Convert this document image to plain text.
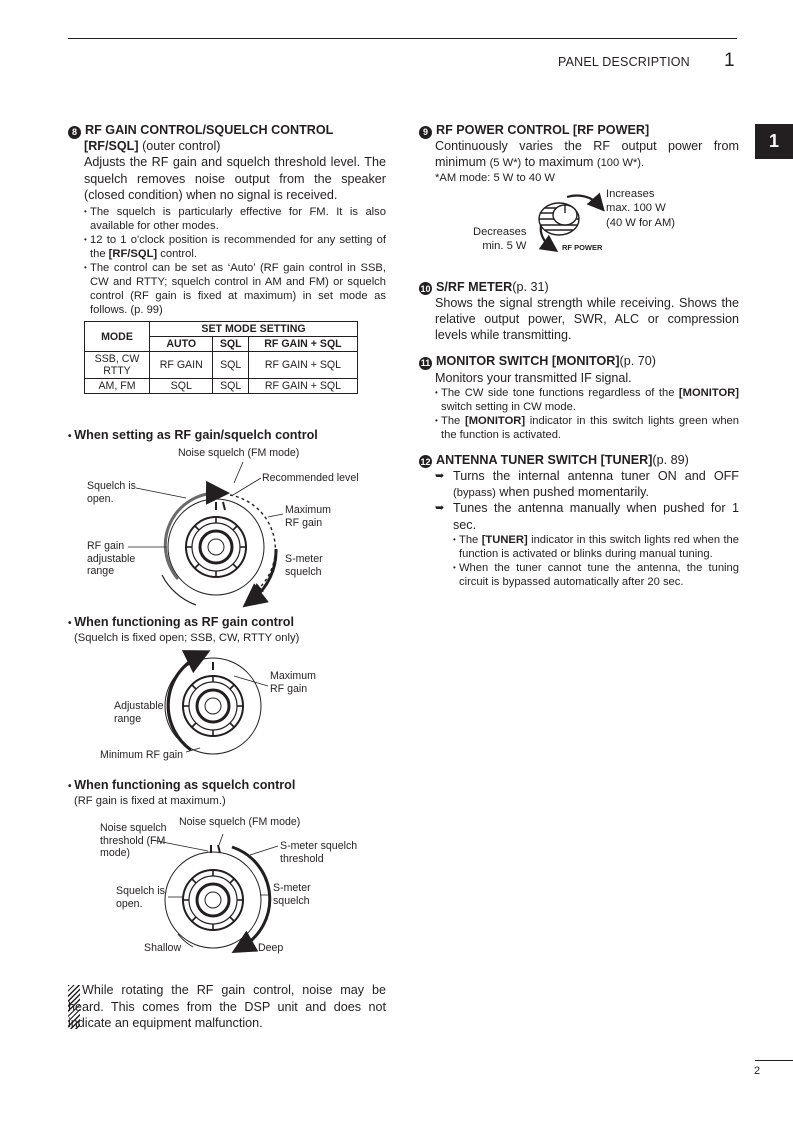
PANEL DESCRIPTION 1
1
8 RF GAIN CONTROL/SQUELCH CONTROL
[RF/SQL] (outer control)
Adjusts the RF gain and squelch threshold level. The squelch removes noise output from the speaker (closed condition) when no signal is received.
• The squelch is particularly effective for FM. It is also available for other modes.
• 12 to 1 o'clock position is recommended for any setting of the [RF/SQL] control.
• The control can be set as ‘Auto’ (RF gain control in SSB, CW and RTTY; squelch control in AM and FM) or squelch control (RF gain is fixed at maximum) in set mode as follows. (p. 99)
MODE	SET MODE SETTING		
	AUTO	SQL	RF GAIN + SQL
SSB, CW RTTY	RF GAIN	SQL	RF GAIN + SQL
AM, FM	SQL	SQL	RF GAIN + SQL
• When setting as RF gain/squelch control
Noise squelch (FM mode)
Recommended level
Squelch is open.
Maximum RF gain
RF gain adjustable range
S-meter squelch
• When functioning as RF gain control
(Squelch is fixed open; SSB, CW, RTTY only)
Maximum RF gain
Adjustable range
Minimum RF gain
• When functioning as squelch control
(RF gain is fixed at maximum.)
Noise squelch threshold (FM mode)
Noise squelch (FM mode)
S-meter squelch threshold
Squelch is open.
S-meter squelch
Shallow	Deep
While rotating the RF gain control, noise may be heard. This comes from the DSP unit and does not indicate an equipment malfunction.
9 RF POWER CONTROL [RF POWER]
Continuously varies the RF output power from minimum (5 W*) to maximum (100 W*).
*AM mode: 5 W to 40 W
Increases
max. 100 W
(40 W for AM)
Decreases
min. 5 W	RF POWER
10 S/RF METER (p. 31)
Shows the signal strength while receiving. Shows the relative output power, SWR, ALC or compression levels while transmitting.
11 MONITOR SWITCH [MONITOR] (p. 70)
Monitors your transmitted IF signal.
• The CW side tone functions regardless of the [MONITOR] switch setting in CW mode.
• The [MONITOR] indicator in this switch lights green when the function is activated.
12 ANTENNA TUNER SWITCH [TUNER] (p. 89)
➥ Turns the internal antenna tuner ON and OFF (bypass) when pushed momentarily.
➥ Tunes the antenna manually when pushed for 1 sec.
• The [TUNER] indicator in this switch lights red when the function is activated or blinks during manual tuning.
• When the tuner cannot tune the antenna, the tuning circuit is bypassed automatically after 20 sec.
2
